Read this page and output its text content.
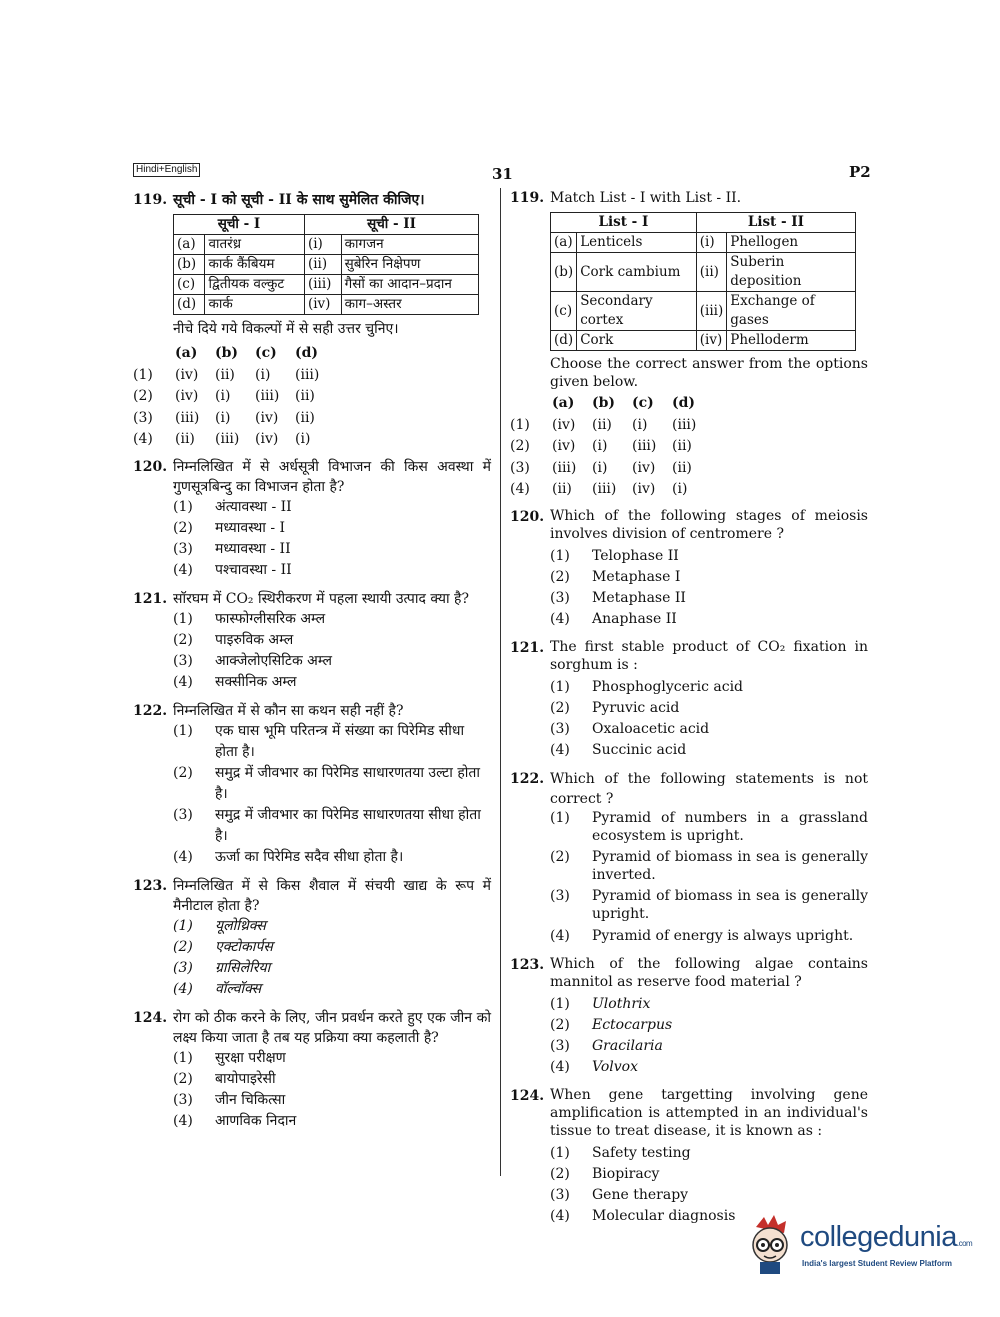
Hindi+English	31	P2
119. सूची - I को सूची - II के साथ सुमेलित कीजिए।
सूची - I		सूची - II	
(a)	वातरंध्र	(i)	कागजन
(b)	कार्क कैंबियम	(ii)	सुबेरिन निक्षेपण
(c)	द्वितीयक वल्कुट	(iii)	गैसों का आदान–प्रदान
(d)	कार्क	(iv)	काग–अस्तर
नीचे दिये गये विकल्पों में से सही उत्तर चुनिए।
(a)	(b)	(c)	(d)
(1)	(iv)	(ii)	(i)	(iii)
(2)	(iv)	(i)	(iii)	(ii)
(3)	(iii)	(i)	(iv)	(ii)
(4)	(ii)	(iii)	(iv)	(i)
120. निम्नलिखित में से अर्धसूत्री विभाजन की किस अवस्था में गुणसूत्रबिन्दु का विभाजन होता है?
(1) अंत्यावस्था - II
(2) मध्यावस्था - I
(3) मध्यावस्था - II
(4) पश्चावस्था - II
121. सॉरघम में CO₂ स्थिरीकरण में पहला स्थायी उत्पाद क्या है?
(1) फास्फोग्लीसरिक अम्ल
(2) पाइरुविक अम्ल
(3) आक्जेलोएसिटिक अम्ल
(4) सक्सीनिक अम्ल
122. निम्नलिखित में से कौन सा कथन सही नहीं है?
(1) एक घास भूमि परितन्त्र में संख्या का पिरेमिड सीधा होता है।
(2) समुद्र में जीवभार का पिरेमिड साधारणतया उल्टा होता है।
(3) समुद्र में जीवभार का पिरेमिड साधारणतया सीधा होता है।
(4) ऊर्जा का पिरेमिड सदैव सीधा होता है।
123. निम्नलिखित में से किस शैवाल में संचयी खाद्य के रूप में मैनीटाल होता है?
(1) यूलोथ्रिक्स
(2) एक्टोकार्पस
(3) ग्रासिलेरिया
(4) वॉल्वॉक्स
124. रोग को ठीक करने के लिए, जीन प्रवर्धन करते हुए एक जीन को लक्ष्य किया जाता है तब यह प्रक्रिया क्या कहलाती है?
(1) सुरक्षा परीक्षण
(2) बायोपाइरेसी
(3) जीन चिकित्सा
(4) आणविक निदान
119. Match List - I with List - II.
List - I		List - II	
(a)	Lenticels	(i)	Phellogen
(b)	Cork cambium	(ii)	Suberin deposition
(c)	Secondary cortex	(iii)	Exchange of gases
(d)	Cork	(iv)	Phelloderm
Choose the correct answer from the options given below.
(a)	(b)	(c)	(d)
(1)	(iv)	(ii)	(i)	(iii)
(2)	(iv)	(i)	(iii)	(ii)
(3)	(iii)	(i)	(iv)	(ii)
(4)	(ii)	(iii)	(iv)	(i)
120. Which of the following stages of meiosis involves division of centromere ?
(1) Telophase II
(2) Metaphase I
(3) Metaphase II
(4) Anaphase II
121. The first stable product of CO₂ fixation in sorghum is :
(1) Phosphoglyceric acid
(2) Pyruvic acid
(3) Oxaloacetic acid
(4) Succinic acid
122. Which of the following statements is not correct ?
(1) Pyramid of numbers in a grassland ecosystem is upright.
(2) Pyramid of biomass in sea is generally inverted.
(3) Pyramid of biomass in sea is generally upright.
(4) Pyramid of energy is always upright.
123. Which of the following algae contains mannitol as reserve food material ?
(1) Ulothrix
(2) Ectocarpus
(3) Gracilaria
(4) Volvox
124. When gene targetting involving gene amplification is attempted in an individual's tissue to treat disease, it is known as :
(1) Safety testing
(2) Biopiracy
(3) Gene therapy
(4) Molecular diagnosis
collegedunia.com
India's largest Student Review Platform
